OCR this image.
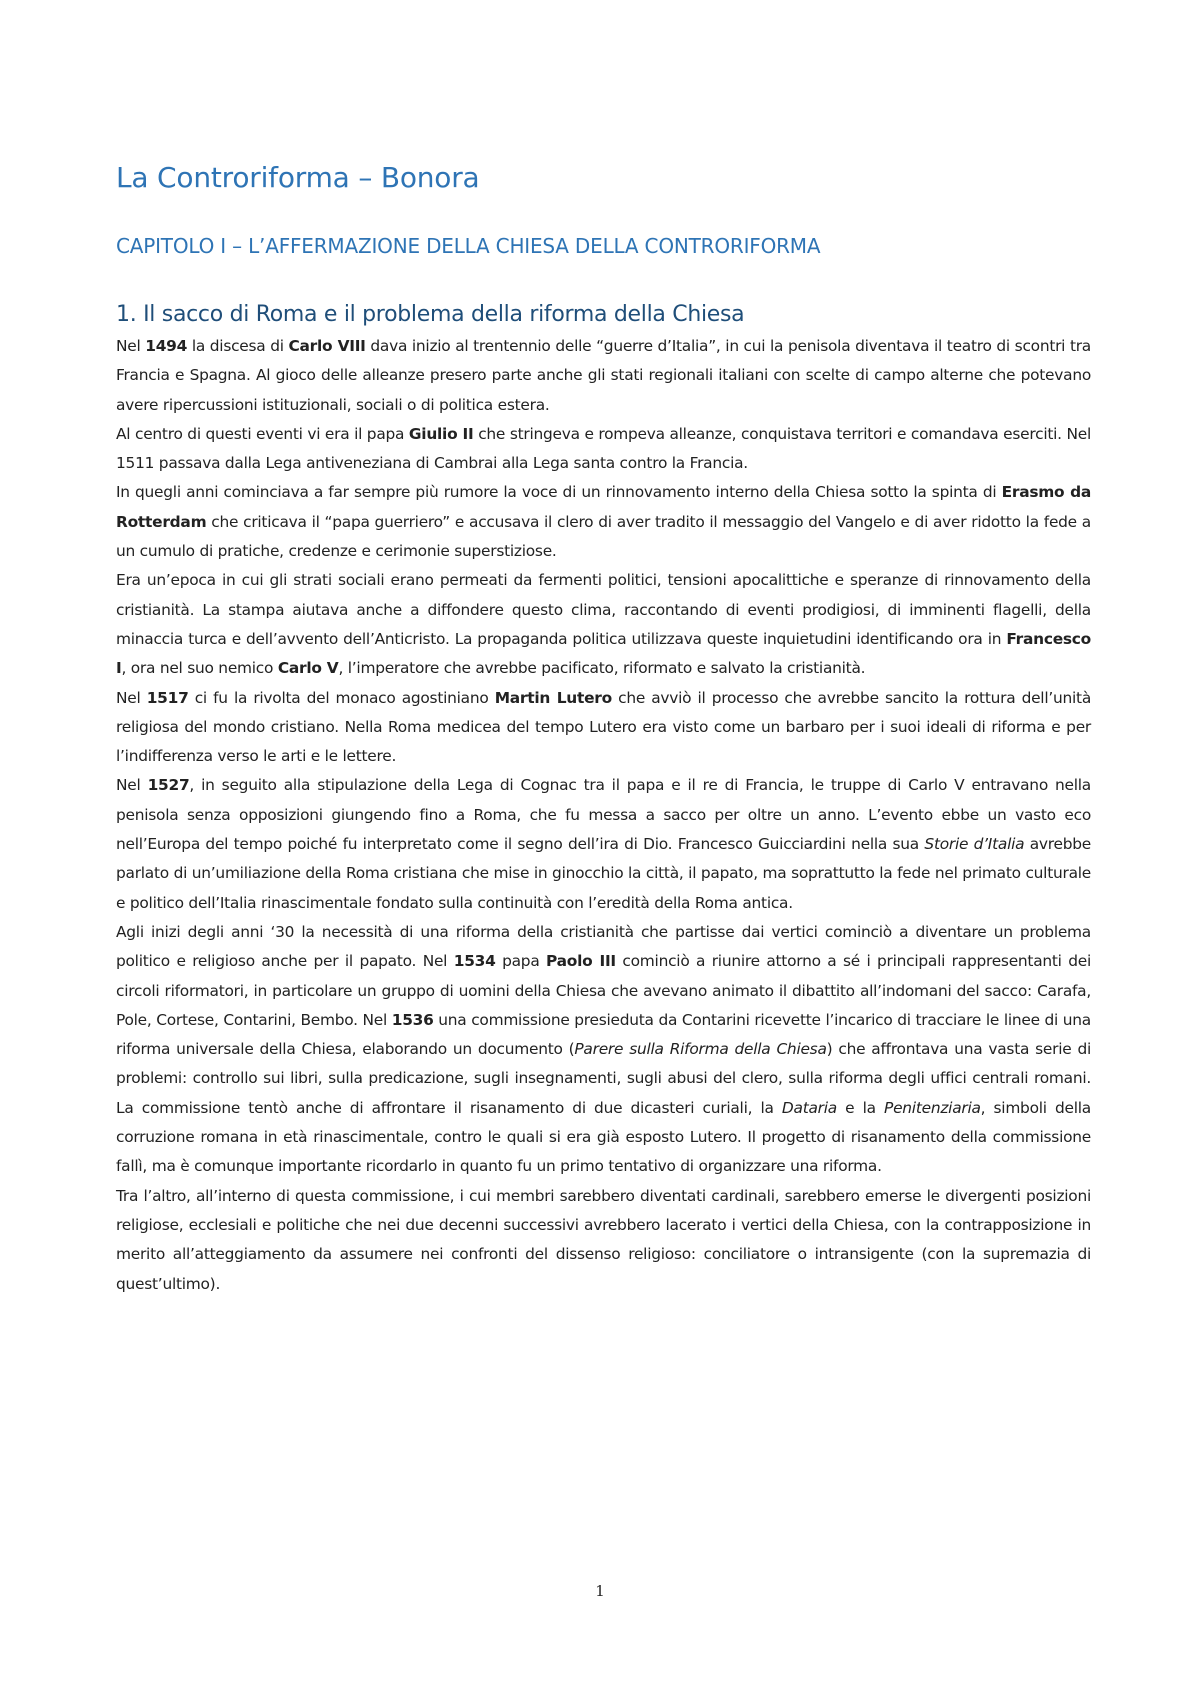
La Controriforma – Bonora
CAPITOLO I – L’AFFERMAZIONE DELLA CHIESA DELLA CONTRORIFORMA
1. Il sacco di Roma e il problema della riforma della Chiesa

Nel 1494 la discesa di Carlo VIII dava inizio al trentennio delle “guerre d’Italia”, in cui la penisola diventava il teatro di scontri tra Francia e Spagna. Al gioco delle alleanze presero parte anche gli stati regionali italiani con scelte di campo alterne che potevano avere ripercussioni istituzionali, sociali o di politica estera.

Al centro di questi eventi vi era il papa Giulio II che stringeva e rompeva alleanze, conquistava territori e comandava eserciti. Nel 1511 passava dalla Lega antiveneziana di Cambrai alla Lega santa contro la Francia.

In quegli anni cominciava a far sempre più rumore la voce di un rinnovamento interno della Chiesa sotto la spinta di Erasmo da Rotterdam che criticava il “papa guerriero” e accusava il clero di aver tradito il messaggio del Vangelo e di aver ridotto la fede a un cumulo di pratiche, credenze e cerimonie superstiziose.

Era un’epoca in cui gli strati sociali erano permeati da fermenti politici, tensioni apocalittiche e speranze di rinnovamento della cristianità. La stampa aiutava anche a diffondere questo clima, raccontando di eventi prodigiosi, di imminenti flagelli, della minaccia turca e dell’avvento dell’Anticristo. La propaganda politica utilizzava queste inquietudini identificando ora in Francesco I, ora nel suo nemico Carlo V, l’imperatore che avrebbe pacificato, riformato e salvato la cristianità.

Nel 1517 ci fu la rivolta del monaco agostiniano Martin Lutero che avviò il processo che avrebbe sancito la rottura dell’unità religiosa del mondo cristiano. Nella Roma medicea del tempo Lutero era visto come un barbaro per i suoi ideali di riforma e per l’indifferenza verso le arti e le lettere.

Nel 1527, in seguito alla stipulazione della Lega di Cognac tra il papa e il re di Francia, le truppe di Carlo V entravano nella penisola senza opposizioni giungendo fino a Roma, che fu messa a sacco per oltre un anno. L’evento ebbe un vasto eco nell’Europa del tempo poiché fu interpretato come il segno dell’ira di Dio. Francesco Guicciardini nella sua Storie d’Italia avrebbe parlato di un’umiliazione della Roma cristiana che mise in ginocchio la città, il papato, ma soprattutto la fede nel primato culturale e politico dell’Italia rinascimentale fondato sulla continuità con l’eredità della Roma antica.

Agli inizi degli anni ‘30 la necessità di una riforma della cristianità che partisse dai vertici cominciò a diventare un problema politico e religioso anche per il papato. Nel 1534 papa Paolo III cominciò a riunire attorno a sé i principali rappresentanti dei circoli riformatori, in particolare un gruppo di uomini della Chiesa che avevano animato il dibattito all’indomani del sacco: Carafa, Pole, Cortese, Contarini, Bembo. Nel 1536 una commissione presieduta da Contarini ricevette l’incarico di tracciare le linee di una riforma universale della Chiesa, elaborando un documento (Parere sulla Riforma della Chiesa) che affrontava una vasta serie di problemi: controllo sui libri, sulla predicazione, sugli insegnamenti, sugli abusi del clero, sulla riforma degli uffici centrali romani. La commissione tentò anche di affrontare il risanamento di due dicasteri curiali, la Dataria e la Penitenziaria, simboli della corruzione romana in età rinascimentale, contro le quali si era già esposto Lutero. Il progetto di risanamento della commissione fallì, ma è comunque importante ricordarlo in quanto fu un primo tentativo di organizzare una riforma.

Tra l’altro, all’interno di questa commissione, i cui membri sarebbero diventati cardinali, sarebbero emerse le divergenti posizioni religiose, ecclesiali e politiche che nei due decenni successivi avrebbero lacerato i vertici della Chiesa, con la contrapposizione in merito all’atteggiamento da assumere nei confronti del dissenso religioso: conciliatore o intransigente (con la supremazia di quest’ultimo).

1
